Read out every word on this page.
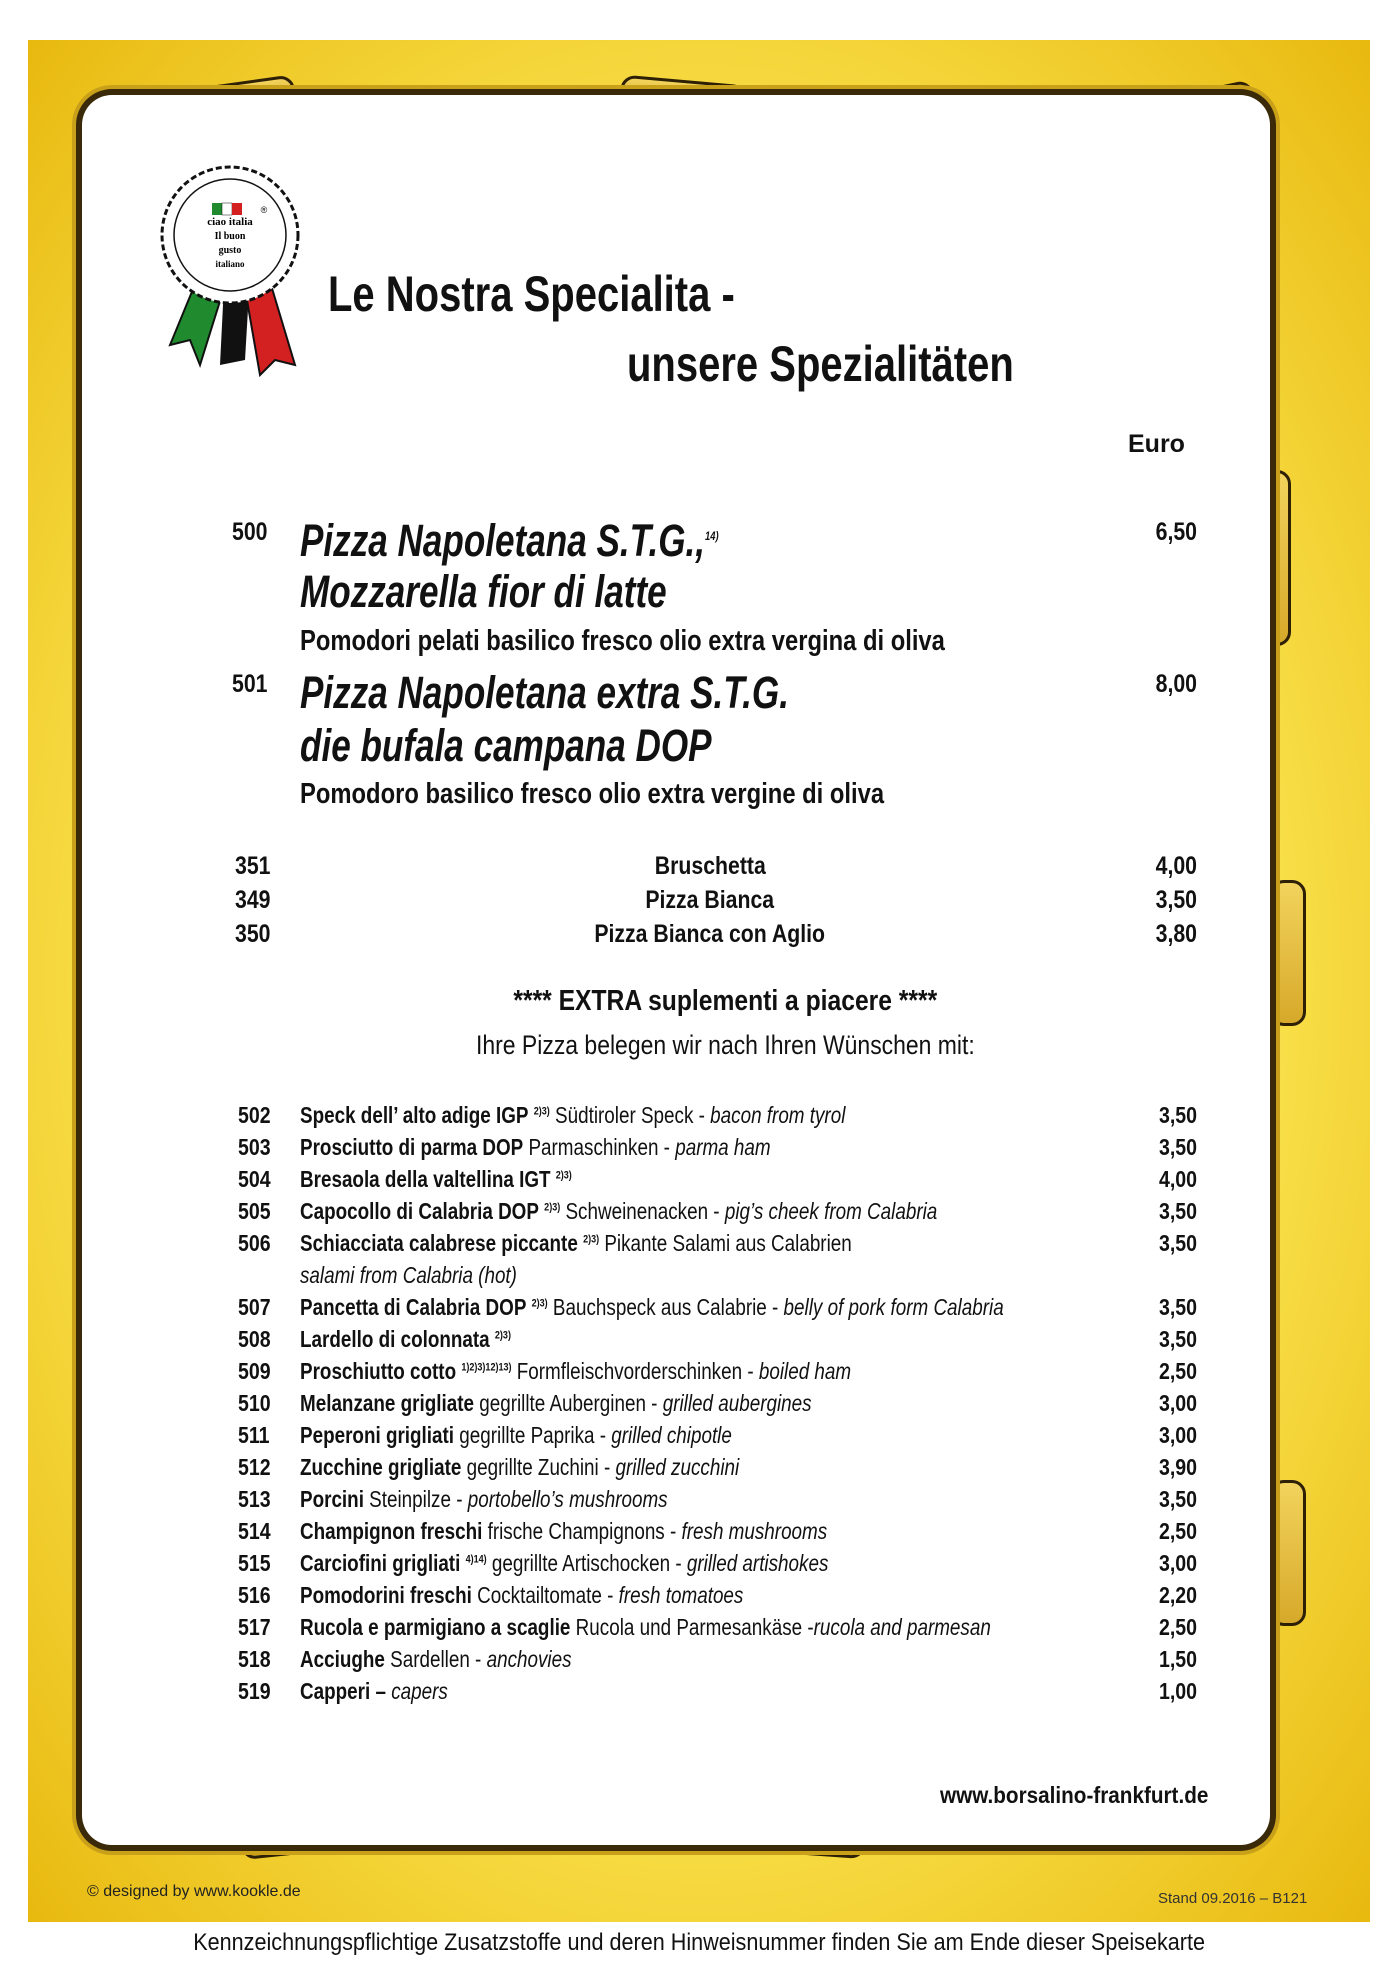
ciao italia
Il buon
gusto
italiano
®
Le Nostra Specialita -
unsere Spezialitäten
Euro
500 Pizza Napoletana S.T.G.,$^{14)}$
Mozzarella fior di latte
Pomodori pelati basilico fresco olio extra vergina di oliva
6,50
501 Pizza Napoletana extra S.T.G.
die bufala campana DOP
Pomodoro basilico fresco olio extra vergine di oliva
8,00
351	Bruschetta	4,00
349	Pizza Bianca	3,50
350	Pizza Bianca con Aglio	3,80
**** EXTRA suplementi a piacere ****
Ihre Pizza belegen wir nach Ihren Wünschen mit:
502 Speck dell’ alto adige IGP $^{2)3)}$ Südtiroler Speck - bacon from tyrol	3,50
503 Prosciutto di parma DOP Parmaschinken - parma ham	3,50
504 Bresaola della valtellina IGT $^{2)3)}$	4,00
505 Capocollo di Calabria DOP $^{2)3)}$ Schweinenacken - pig’s cheek from Calabria	3,50
506 Schiacciata calabrese piccante $^{2)3)}$ Pikante Salami aus Calabrien
salami from Calabria (hot)
3,50
507 Pancetta di Calabria DOP $^{2)3)}$ Bauchspeck aus Calabrie - belly of pork form Calabria	3,50
508 Lardello di colonnata $^{2)3)}$	3,50
509 Proschiutto cotto $^{1)2)3)12)13)}$ Formfleischvorderschinken - boiled ham	2,50
510 Melanzane grigliate gegrillte Auberginen - grilled aubergines	3,00
511 Peperoni grigliati gegrillte Paprika - grilled chipotle	3,00
512 Zucchine grigliate gegrillte Zuchini - grilled zucchini	3,90
513 Porcini Steinpilze - portobello’s mushrooms	3,50
514 Champignon freschi frische Champignons - fresh mushrooms	2,50
515 Carciofini grigliati $^{4)14)}$ gegrillte Artischocken - grilled artishokes	3,00
516 Pomodorini freschi Cocktailtomate - fresh tomatoes	2,20
517 Rucola e parmigiano a scaglie Rucola und Parmesankäse -rucola and parmesan	2,50
518 Acciughe Sardellen - anchovies	1,50
519 Capperi – capers	1,00
www.borsalino-frankfurt.de
© designed by www.kookle.de	Stand 09.2016 – B121
Kennzeichnungspflichtige Zusatzstoffe und deren Hinweisnummer finden Sie am Ende dieser Speisekarte
